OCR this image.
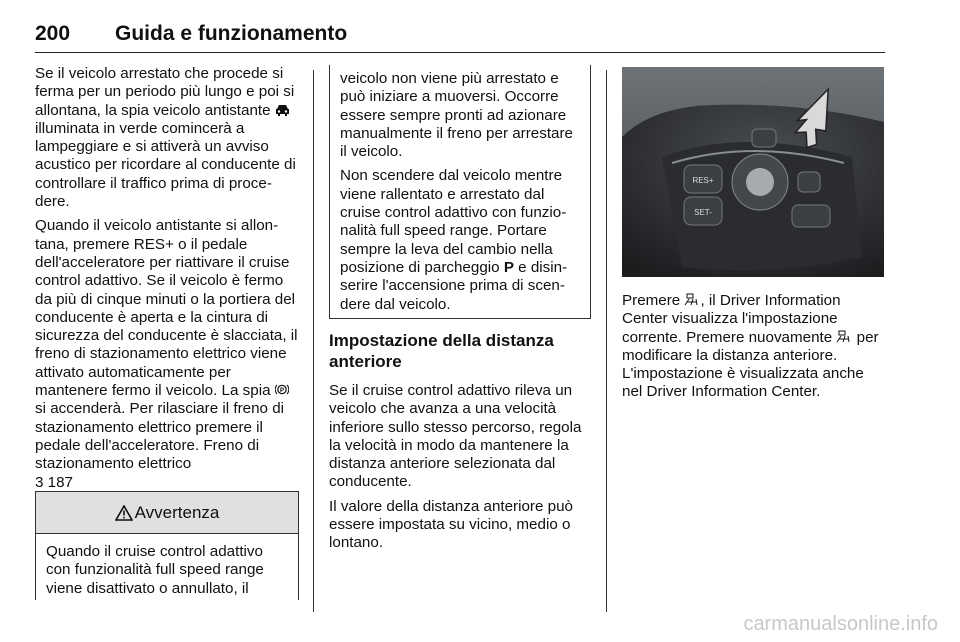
200 Guida e funzionamento

Se il veicolo arrestato che procede si ferma per un periodo più lungo e poi si allontana, la spia veicolo antistante  illuminata in verde comincerà a lampeggiare e si attiverà un avviso acustico per ricordare al conducente di controllare il traffico prima di procedere.

Quando il veicolo antistante si allontana, premere RES+ o il pedale dell'acceleratore per riattivare il cruise control adattivo. Se il veicolo è fermo da più di cinque minuti o la portiera del conducente è aperta e la cintura di sicurezza del conducente è slacciata, il freno di stazionamento elettrico viene attivato automaticamente per mantenere fermo il veicolo. La spia P
si accenderà. Per rilasciare il freno di stazionamento elettrico premere il pedale dell'acceleratore. Freno di stazionamento elettrico
3 187

Avvertenza
Quando il cruise control adattivo con funzionalità full speed range viene disattivato o annullato, il

veicolo non viene più arrestato e può iniziare a muoversi. Occorre essere sempre pronti ad azionare manualmente il freno per arrestare il veicolo.

Non scendere dal veicolo mentre viene rallentato e arrestato dal cruise control adattivo con funzionalità full speed range. Portare sempre la leva del cambio nella posizione di parcheggio P e disinserire l'accensione prima di scendere dal veicolo.

Impostazione della distanza anteriore

Se il cruise control adattivo rileva un veicolo che avanza a una velocità inferiore sullo stesso percorso, regola la velocità in modo da mantenere la distanza anteriore selezionata dal conducente.

Il valore della distanza anteriore può essere impostata su vicino, medio o lontano.

RES+
SET-

Premere , il Driver Information Center visualizza l'impostazione corrente. Premere nuovamente  per modificare la distanza anteriore. L'impostazione è visualizzata anche nel Driver Information Center.

carmanualsonline.info
